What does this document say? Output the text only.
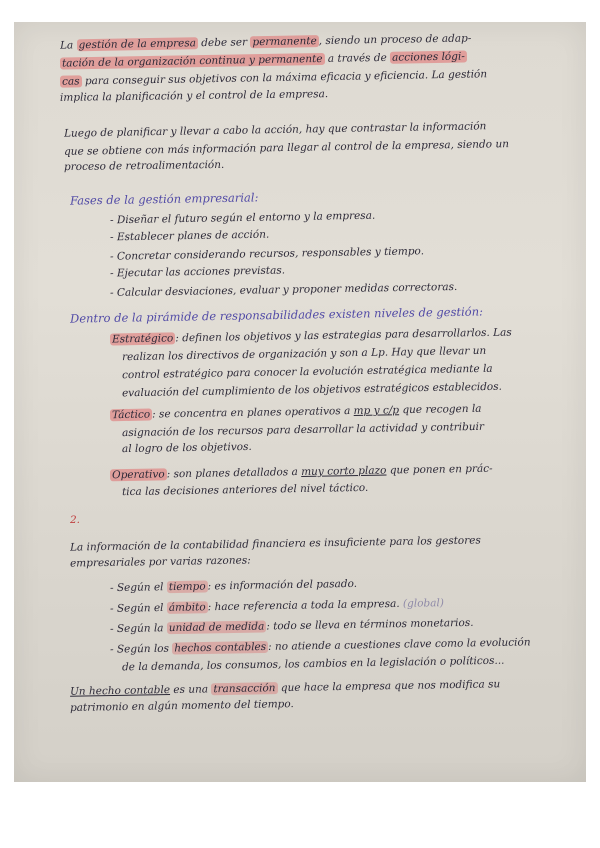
La gestión de la empresa debe ser permanente , siendo un proceso de adap-
tación de la organización continua y permanente a través de acciones lógi-
cas para conseguir sus objetivos con la máxima eficacia y eficiencia. La gestión
implica la planificación y el control de la empresa.
Luego de planificar y llevar a cabo la acción, hay que contrastar la información
que se obtiene con más información para llegar al control de la empresa, siendo un
proceso de retroalimentación.
Fases de la gestión empresarial:
- Diseñar el futuro según el entorno y la empresa.
- Establecer planes de acción.
- Concretar considerando recursos, responsables y tiempo.
- Ejecutar las acciones previstas.
- Calcular desviaciones, evaluar y proponer medidas correctoras.
Dentro de la pirámide de responsabilidades existen niveles de gestión:
Estratégico : definen los objetivos y las estrategias para desarrollarlos. Las
realizan los directivos de organización y son a Lp. Hay que llevar un
control estratégico para conocer la evolución estratégica mediante la
evaluación del cumplimiento de los objetivos estratégicos establecidos.
Táctico : se concentra en planes operativos a mp y c/p que recogen la
asignación de los recursos para desarrollar la actividad y contribuir
al logro de los objetivos.
Operativo : son planes detallados a muy corto plazo que ponen en prác-
tica las decisiones anteriores del nivel táctico.
2.
La información de la contabilidad financiera es insuficiente para los gestores
empresariales por varias razones:
- Según el tiempo : es información del pasado.
- Según el ámbito : hace referencia a toda la empresa. (global)
- Según la unidad de medida : todo se lleva en términos monetarios.
- Según los hechos contables : no atiende a cuestiones clave como la evolución
de la demanda, los consumos, los cambios en la legislación o políticos...
Un hecho contable es una transacción que hace la empresa que nos modifica su
patrimonio en algún momento del tiempo.
